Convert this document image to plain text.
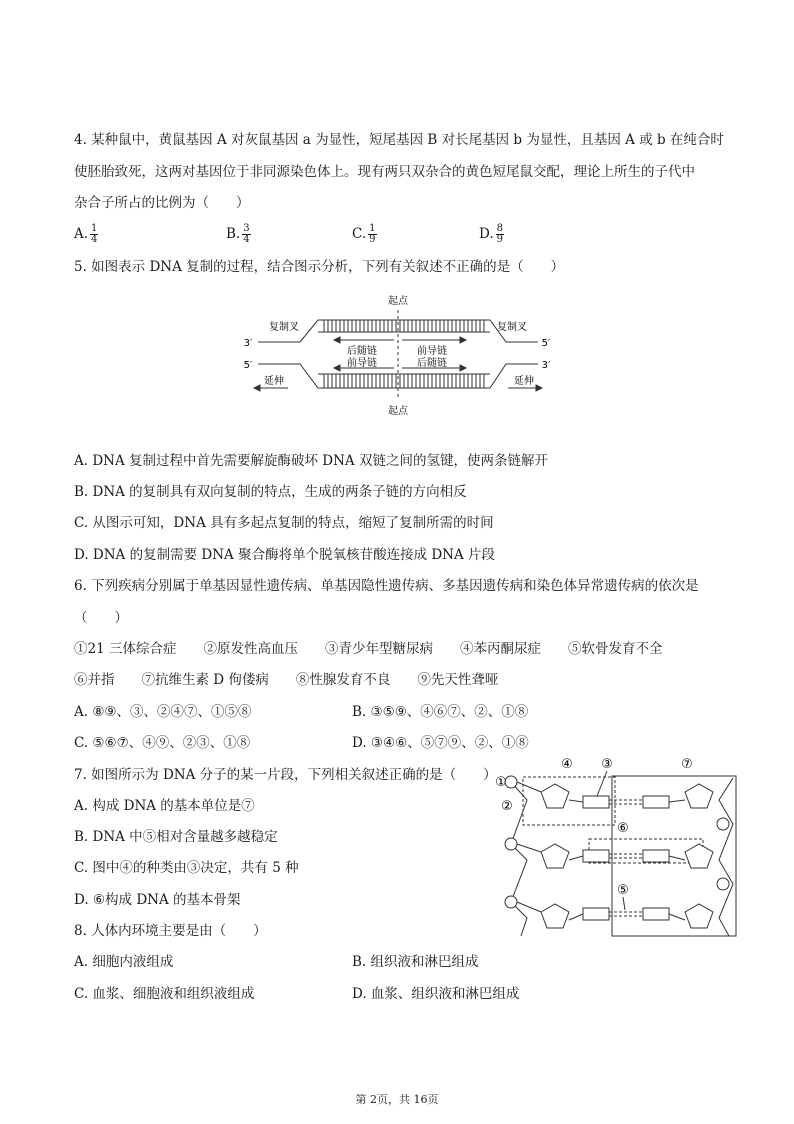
4. 某种鼠中，黄鼠基因 A 对灰鼠基因 a 为显性，短尾基因 B 对长尾基因 b 为显性，且基因 A 或 b 在纯合时
使胚胎致死，这两对基因位于非同源染色体上。现有两只双杂合的黄色短尾鼠交配，理论上所生的子代中
杂合子所占的比例为（　　）
A. $\frac{1}{4}$	B. $\frac{3}{4}$	C. $\frac{1}{9}$	D. $\frac{8}{9}$
5. 如图表示 DNA 复制的过程，结合图示分析，下列有关叙述不正确的是（　　）
起点
起点
复制叉	复制叉
3′	5′
5′	3′
后随链	前导链
前导链	后随链
延伸	延伸
A. DNA 复制过程中首先需要解旋酶破坏 DNA 双链之间的氢键，使两条链解开
B. DNA 的复制具有双向复制的特点，生成的两条子链的方向相反
C. 从图示可知，DNA 具有多起点复制的特点，缩短了复制所需的时间
D. DNA 的复制需要 DNA 聚合酶将单个脱氧核苷酸连接成 DNA 片段
6. 下列疾病分别属于单基因显性遗传病、单基因隐性遗传病、多基因遗传病和染色体异常遗传病的依次是
（　　）
①21 三体综合症　　②原发性高血压　　③青少年型糖尿病　　④苯丙酮尿症　　⑤软骨发育不全
⑥并指　　⑦抗维生素 D 佝偻病　　⑧性腺发育不良　　⑨先天性聋哑
A. ⑧⑨、③、②④⑦、①⑤⑧	B. ③⑤⑨、④⑥⑦、②、①⑧
C. ⑤⑥⑦、④⑨、②③、①⑧	D. ③④⑥、⑤⑦⑨、②、①⑧
7. 如图所示为 DNA 分子的某一片段，下列相关叙述正确的是（　　）
A. 构成 DNA 的基本单位是⑦
B. DNA 中⑤相对含量越多越稳定
C. 图中④的种类由③决定，共有 5 种
D. ⑥构成 DNA 的基本骨架
①
②
④ ③	⑦
⑥
⑤
8. 人体内环境主要是由（　　）
A. 细胞内液组成	B. 组织液和淋巴组成
C. 血浆、细胞液和组织液组成	D. 血浆、组织液和淋巴组成
第 2页，共 16页
